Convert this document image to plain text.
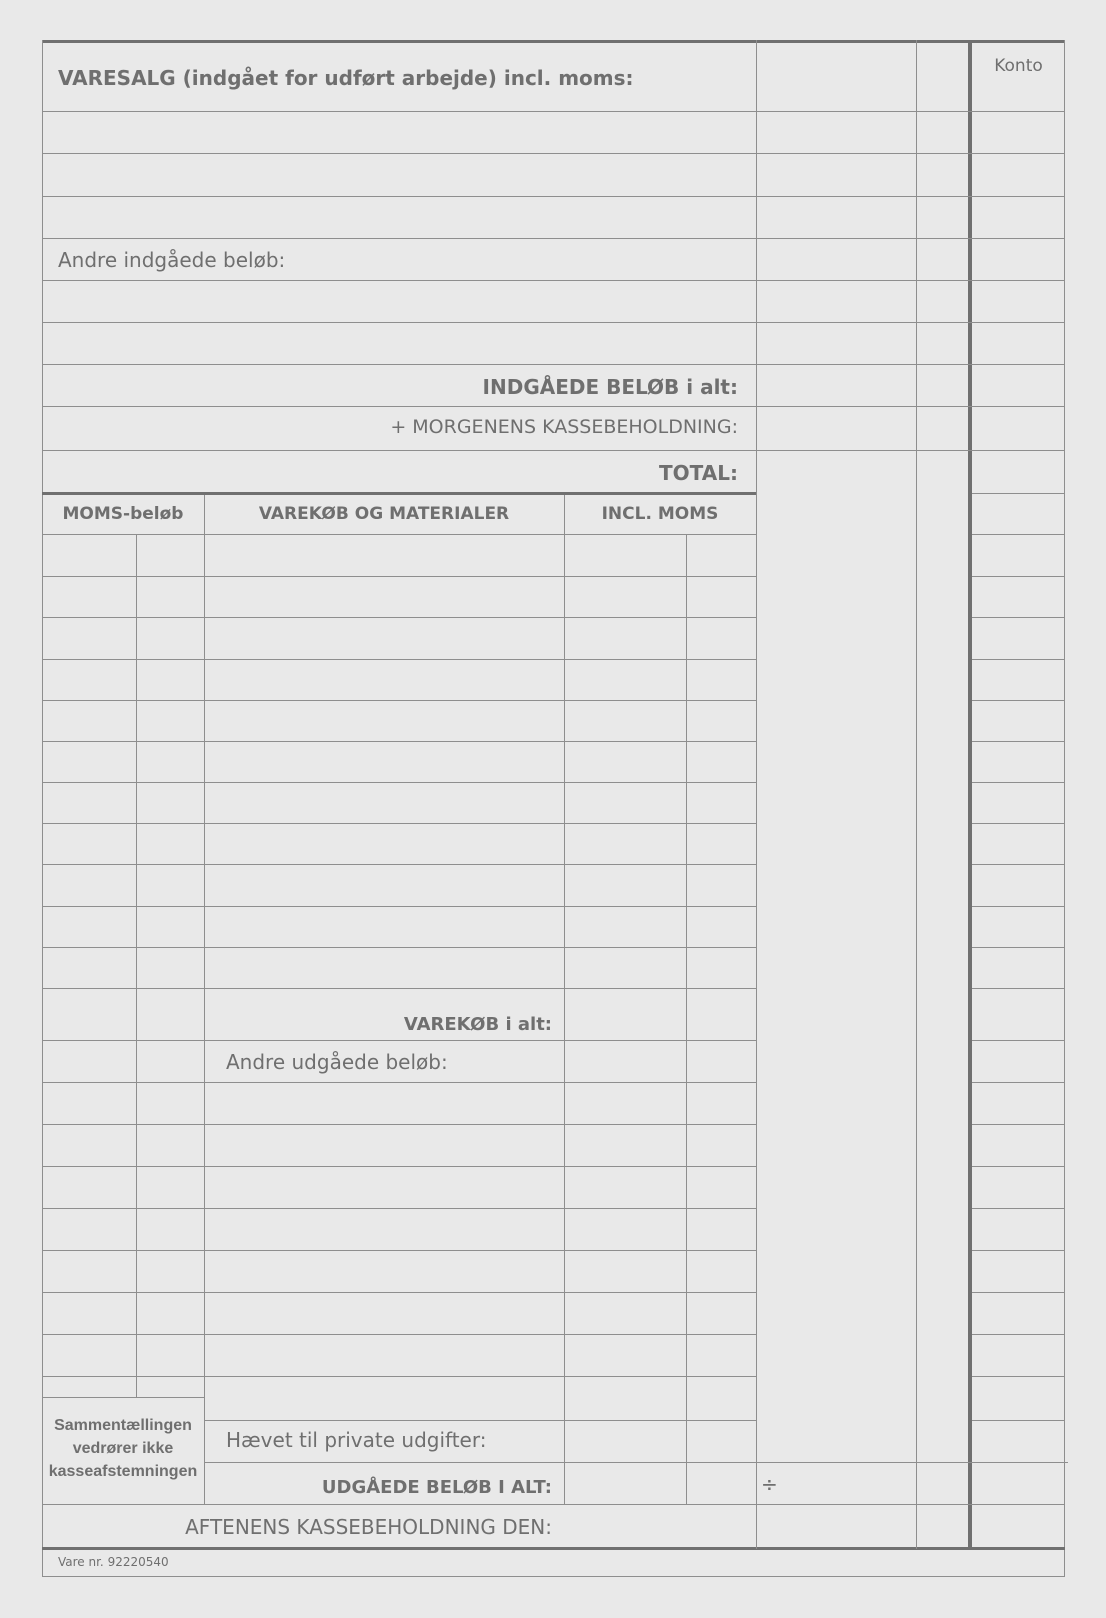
VARESALG (indgået for udført arbejde) incl. moms:	Konto
Andre indgåede beløb:
INDGÅEDE BELØB i alt:
+ MORGENENS KASSEBEHOLDNING:
TOTAL:
MOMS-beløb	VAREKØB OG MATERIALER	INCL. MOMS
VAREKØB i alt:
Andre udgåede beløb:
Hævet til private udgifter:
UDGÅEDE BELØB I ALT:	÷
Sammentællingen
vedrører ikke
kasseafstemningen
AFTENENS KASSEBEHOLDNING DEN:
Vare nr. 92220540
